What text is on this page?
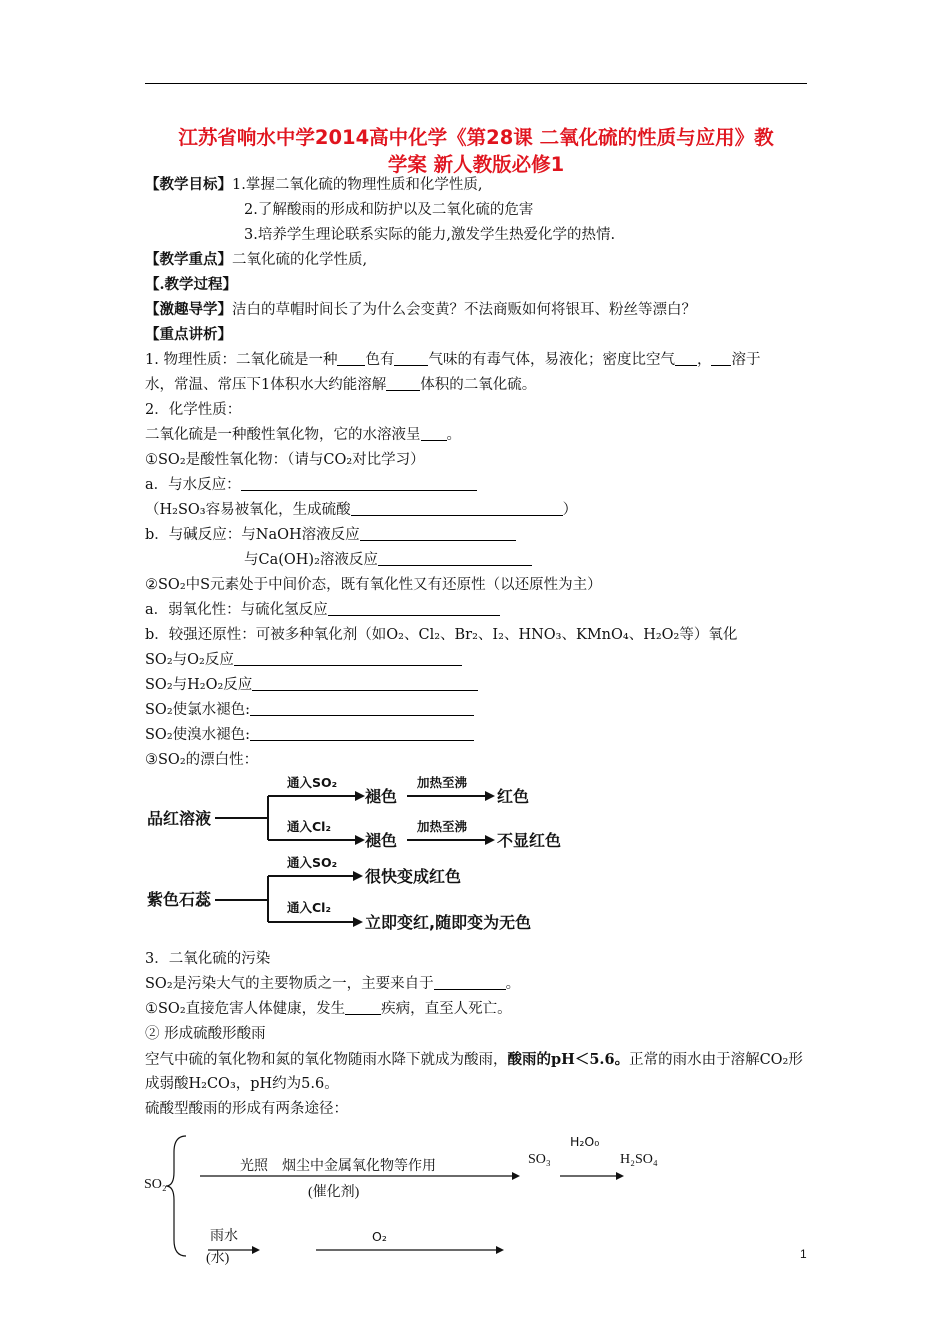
江苏省响水中学2014高中化学《第28课 二氧化硫的性质与应用》教
学案 新人教版必修1
【教学目标】1.掌握二氧化硫的物理性质和化学性质,
2.了解酸雨的形成和防护以及二氧化硫的危害
3.培养学生理论联系实际的能力,激发学生热爱化学的热情.
【教学重点】二氧化硫的化学性质,
【.教学过程】
【激趣导学】洁白的草帽时间长了为什么会变黄？不法商贩如何将银耳、粉丝等漂白？
【重点讲析】
1. 物理性质：二氧化硫是一种 色有 气味的有毒气体，易液化；密度比空气 ， 溶于
水，常温、常压下1体积水大约能溶解 体积的二氧化硫。
2．化学性质：
二氧化硫是一种酸性氧化物，它的水溶液呈 。
①SO₂是酸性氧化物：（请与CO₂对比学习）
a．与水反应：
（H₂SO₃容易被氧化，生成硫酸	）
b．与碱反应：与NaOH溶液反应
与Ca(OH)₂溶液反应
②SO₂中S元素处于中间价态，既有氧化性又有还原性（以还原性为主）
a．弱氧化性：与硫化氢反应
b．较强还原性：可被多种氧化剂（如O₂、Cl₂、Br₂、I₂、HNO₃、KMnO₄、H₂O₂等）氧化
SO₂与O₂反应
SO₂与H₂O₂反应
SO₂使氯水褪色:
SO₂使溴水褪色:
③SO₂的漂白性：
品红溶液
紫色石蕊
通入SO₂
通入Cl₂
加热至沸
加热至沸
通入SO₂
通入Cl₂
褪色	红色
褪色	不显红色
很快变成红色
立即变红,随即变为无色
3．二氧化硫的污染
SO₂是污染大气的主要物质之一，主要来自于	。
①SO₂直接危害人体健康，发生 疾病，直至人死亡。
② 形成硫酸形酸雨
空气中硫的氧化物和氮的氧化物随雨水降下就成为酸雨，酸雨的pH＜5.6。正常的雨水由于溶解CO₂形成弱酸H₂CO₃，pH约为5.6。
硫酸型酸雨的形成有两条途径：
SO₂
光照　烟尘中金属氧化物等作用
(催化剂)
SO₃	H₂SO₄
雨水
(水)
H₂O₀
O₂
1
